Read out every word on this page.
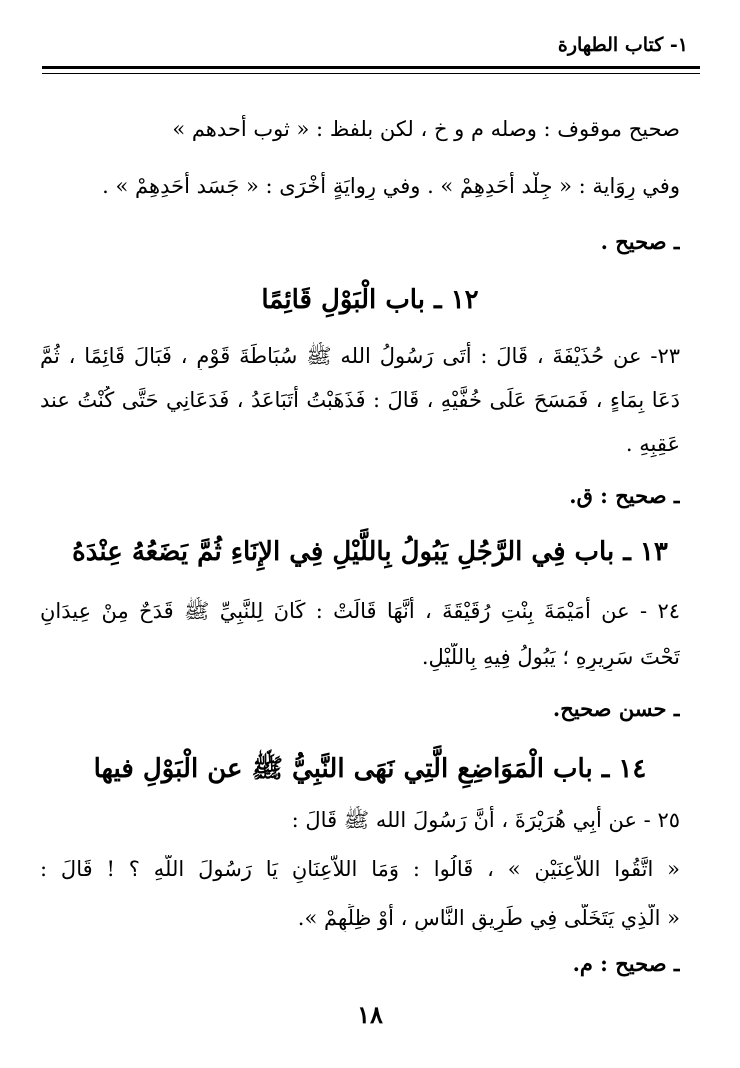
١- كتاب الطهارة
صحيح موقوف : وصله م و خ ، لكن بلفظ : « ثوب أحدهم »
وفي رِوَاية : « جِلْد أَحَدِهِمْ » . وفي رِوايَةٍ أُخْرَى : « جَسَد أَحَدِهِمْ » .
ـ صحيح .
١٢ ـ باب الْبَوْلِ قَائِمًا
٢٣- عن حُذَيْفَةَ ، قَالَ : أَتَى رَسُولُ الله ﷺ سُبَاطَةَ قَوْمٍ ، فَبَالَ قَائِمًا ، ثُمَّ
دَعَا بِمَاءٍ ، فَمَسَحَ عَلَى خُفَّيْهِ ، قَالَ : فَذَهَبْتُ أَتَبَاعَدُ ، فَدَعَانِي حَتَّى كُنْتُ عند
عَقِبِهِ .
ـ صحيح : ق.
١٣ ـ باب فِي الرَّجُلِ يَبُولُ بِاللَّيْلِ فِي الإِنَاءِ ثُمَّ يَضَعُهُ عِنْدَهُ
٢٤ - عن أُمَيْمَةَ بِنْتِ رُقَيْقَةَ ، أَنَّهَا قَالَتْ : كَانَ لِلنَّبِيِّ ﷺ قَدَحٌ مِنْ عِيدَانٍ
تَحْتَ سَرِيرِهِ ؛ يَبُولُ فِيهِ بِاللَّيْلِ.
ـ حسن صحيح.
١٤ ـ باب الْمَوَاضِعِ الَّتِي نَهَى النَّبِيُّ ﷺ عن الْبَوْلِ فيها
٢٥ - عن أَبِي هُرَيْرَةَ ، أَنَّ رَسُولَ الله ﷺ قَالَ :
« اتَّقُوا اللاَّعِنَيْنِ » ، قَالُوا : وَمَا اللاَّعِنَانِ يَا رَسُولَ اللَّهِ ؟ ! قَالَ :
« الَّذِي يَتَخَلَّى فِي طَرِيقِ النَّاسِ ، أَوْ ظِلِّهِمْ ».
ـ صحيح : م.
١٨
